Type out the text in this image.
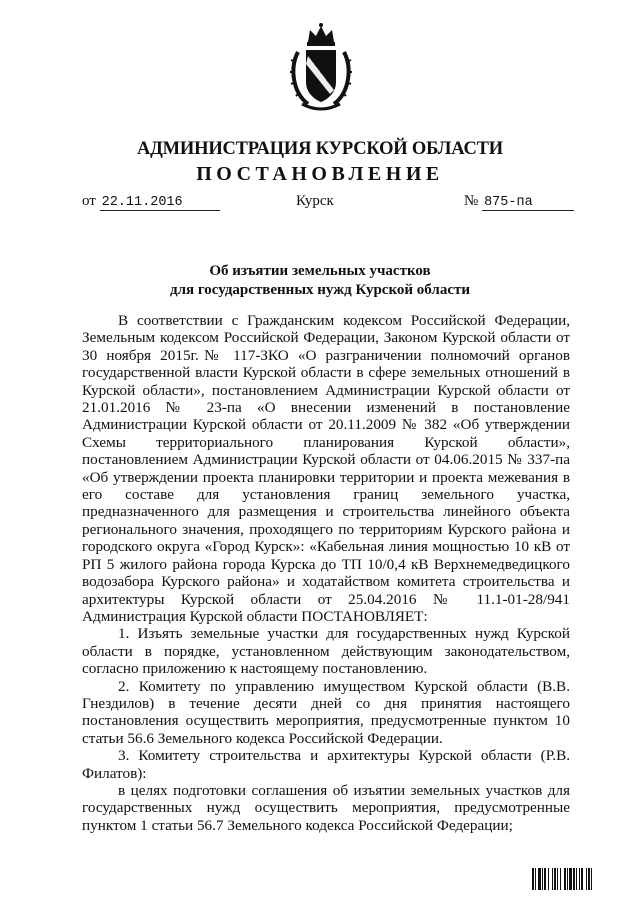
АДМИНИСТРАЦИЯ КУРСКОЙ ОБЛАСТИ
ПОСТАНОВЛЕНИЕ
от 22.11.2016	Курск	№ 875-па
Об изъятии земельных участков
для государственных нужд Курской области

В соответствии с Гражданским кодексом Российской Федерации, Земельным кодексом Российской Федерации, Законом Курской области от 30 ноября 2015г.№ 117-ЗКО «О разграничении полномочий органов государственной власти Курской области в сфере земельных отношений в Курской области», постановлением Администрации Курской области от 21.01.2016 № 23-па «О внесении изменений в постановление Администрации Курской области от 20.11.2009 № 382 «Об утверждении Схемы территориального планирования Курской области», постановлением Администрации Курской области от 04.06.2015 № 337-па «Об утверждении проекта планировки территории и проекта межевания в его составе для установления границ земельного участка, предназначенного для размещения и строительства линейного объекта регионального значения, проходящего по территориям Курского района и городского округа «Город Курск»: «Кабельная линия мощностью 10 кВ от РП 5 жилого района города Курска до ТП 10/0,4 кВ Верхнемедведицкого водозабора Курского района» и ходатайством комитета строительства и архитектуры Курской области от 25.04.2016 № 11.1-01-28/941 Администрация Курской области ПОСТАНОВЛЯЕТ:

1. Изъять земельные участки для государственных нужд Курской области в порядке, установленном действующим законодательством, согласно приложению к настоящему постановлению.

2. Комитету по управлению имуществом Курской области (В.В. Гнездилов) в течение десяти дней со дня принятия настоящего постановления осуществить мероприятия, предусмотренные пунктом 10 статьи 56.6 Земельного кодекса Российской Федерации.

3. Комитету строительства и архитектуры Курской области (Р.В. Филатов):

в целях подготовки соглашения об изъятии земельных участков для государственных нужд осуществить мероприятия, предусмотренные пунктом 1 статьи 56.7 Земельного кодекса Российской Федерации;
